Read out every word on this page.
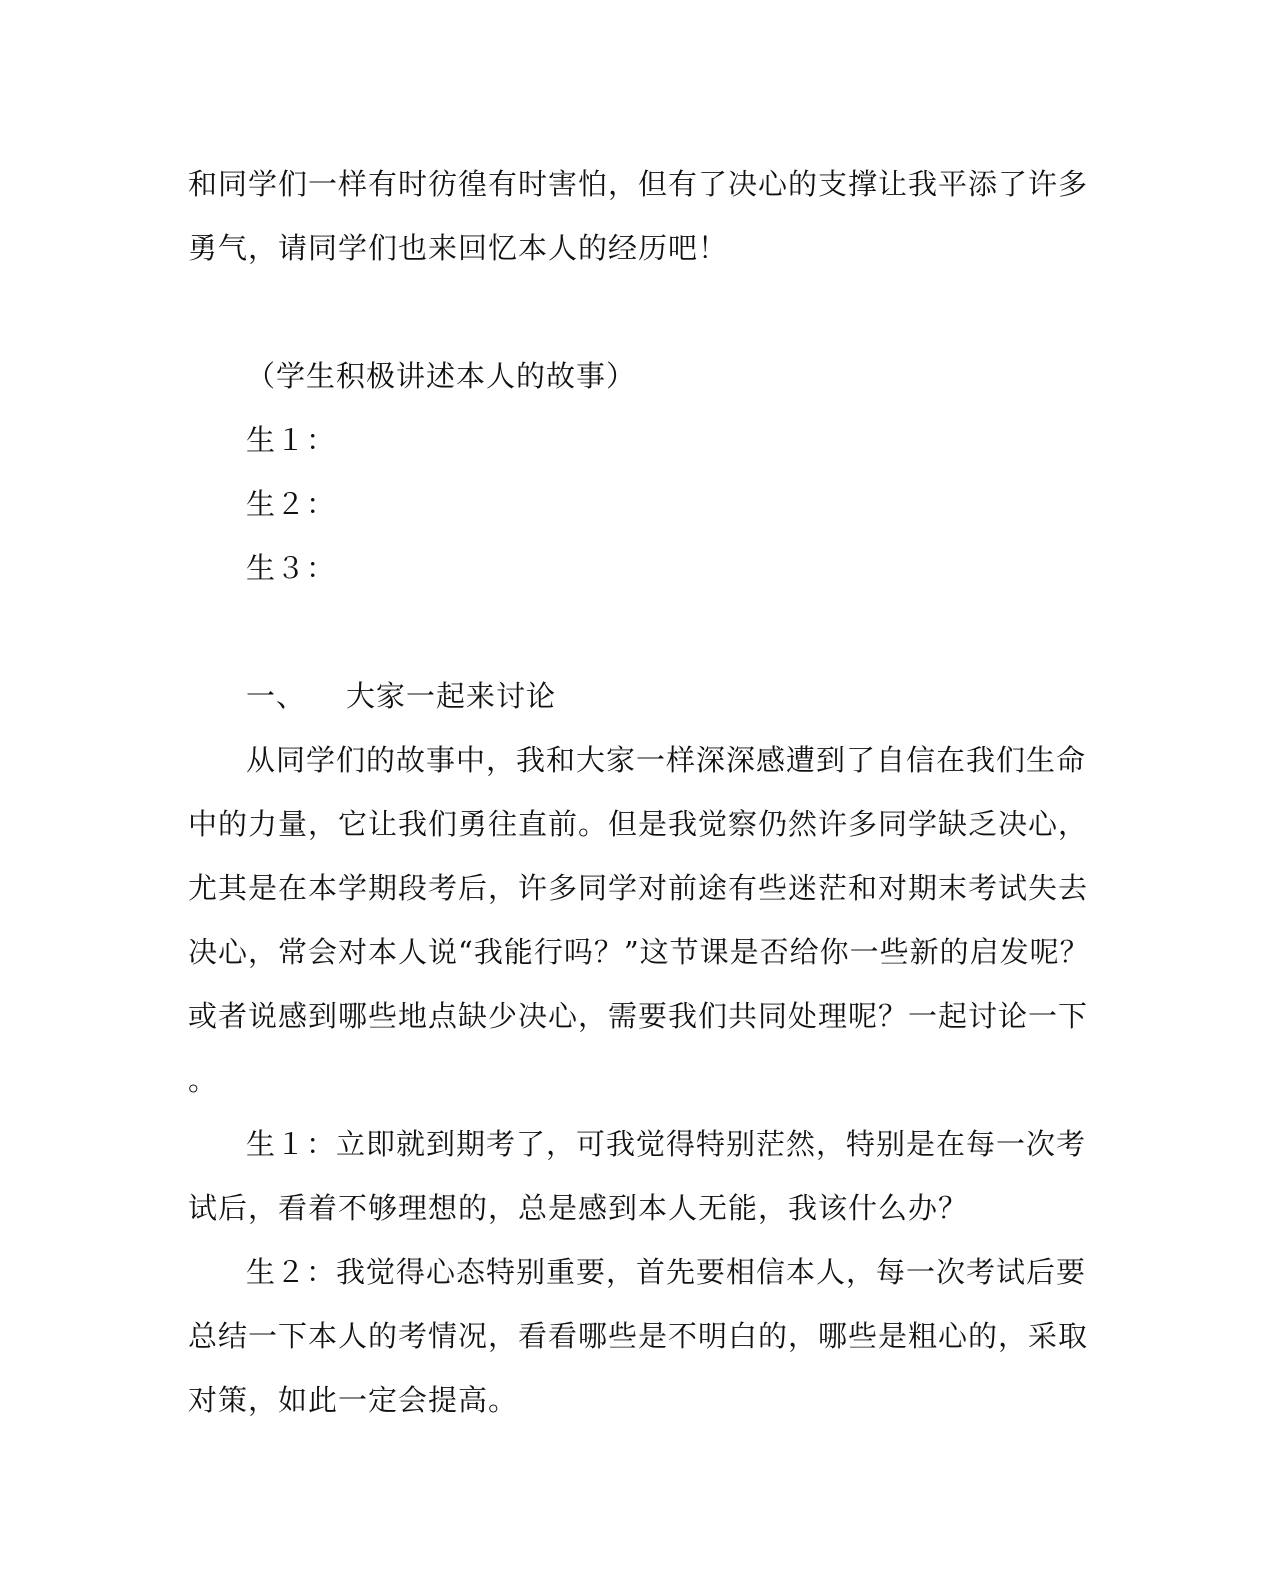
和同学们一样有时彷徨有时害怕，但有了决心的支撑让我平添了许多
勇气，请同学们也来回忆本人的经历吧！
（学生积极讲述本人的故事）
生１：
生２：
生３：
一、 大家一起来讨论
从同学们的故事中，我和大家一样深深感遭到了自信在我们生命
中的力量，它让我们勇往直前。但是我觉察仍然许多同学缺乏决心，
尤其是在本学期段考后，许多同学对前途有些迷茫和对期末考试失去
决心，常会对本人说“我能行吗？”这节课是否给你一些新的启发呢？
或者说感到哪些地点缺少决心，需要我们共同处理呢？一起讨论一下
。
生１：立即就到期考了，可我觉得特别茫然，特别是在每一次考
试后，看着不够理想的，总是感到本人无能，我该什么办？
生２：我觉得心态特别重要，首先要相信本人，每一次考试后要
总结一下本人的考情况，看看哪些是不明白的，哪些是粗心的，采取
对策，如此一定会提高。
